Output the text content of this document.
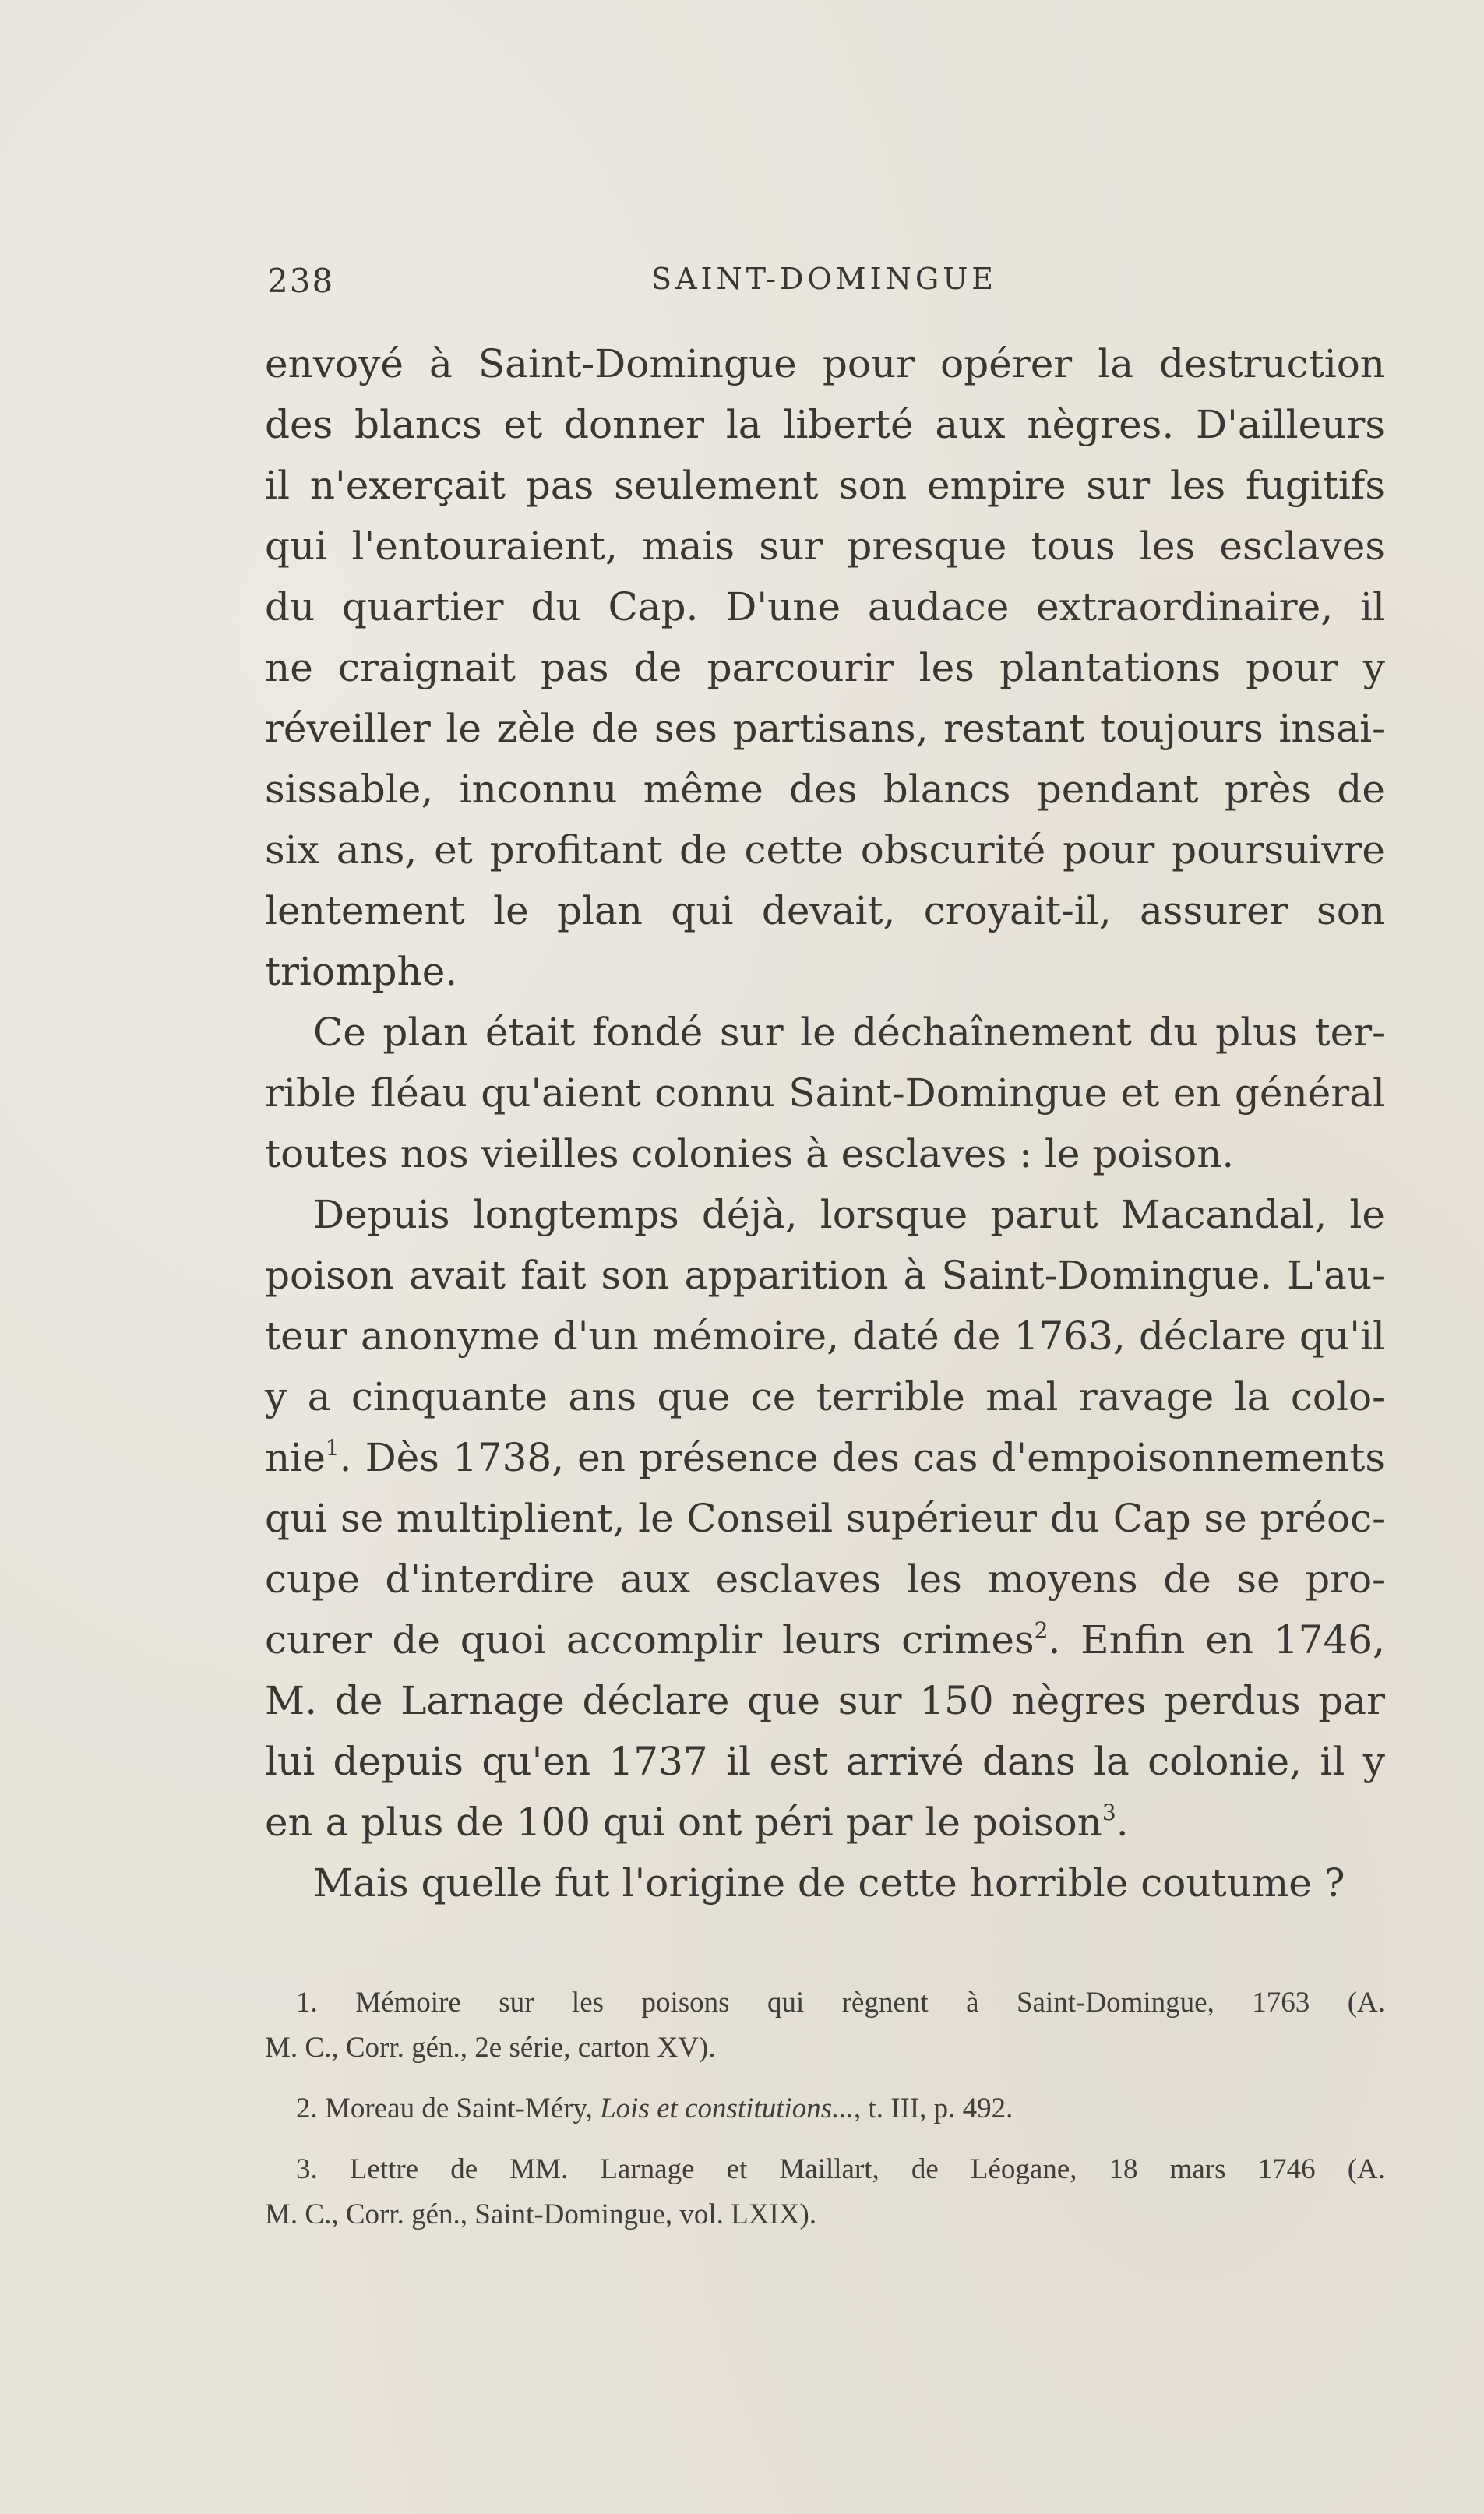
238	SAINT-DOMINGUE
envoyé à Saint-Domingue pour opérer la destruction
des blancs et donner la liberté aux nègres. D'ailleurs
il n'exerçait pas seulement son empire sur les fugitifs
qui l'entouraient, mais sur presque tous les esclaves
du quartier du Cap. D'une audace extraordinaire, il
ne craignait pas de parcourir les plantations pour y
réveiller le zèle de ses partisans, restant toujours insai-
sissable, inconnu même des blancs pendant près de
six ans, et profitant de cette obscurité pour poursuivre
lentement le plan qui devait, croyait-il, assurer son
triomphe.
Ce plan était fondé sur le déchaînement du plus ter-
rible fléau qu'aient connu Saint-Domingue et en général
toutes nos vieilles colonies à esclaves : le poison.
Depuis longtemps déjà, lorsque parut Macandal, le
poison avait fait son apparition à Saint-Domingue. L'au-
teur anonyme d'un mémoire, daté de 1763, déclare qu'il
y a cinquante ans que ce terrible mal ravage la colo-
nie$^1$. Dès 1738, en présence des cas d'empoisonnements
qui se multiplient, le Conseil supérieur du Cap se préoc-
cupe d'interdire aux esclaves les moyens de se pro-
curer de quoi accomplir leurs crimes$^2$. Enfin en 1746,
M. de Larnage déclare que sur 150 nègres perdus par
lui depuis qu'en 1737 il est arrivé dans la colonie, il y
en a plus de 100 qui ont péri par le poison$^3$.
Mais quelle fut l'origine de cette horrible coutume ?
1. Mémoire sur les poisons qui règnent à Saint-Domingue, 1763 (A.
M. C., Corr. gén., 2e série, carton XV).
2. Moreau de Saint-Méry, Lois et constitutions..., t. III, p. 492.
3. Lettre de MM. Larnage et Maillart, de Léogane, 18 mars 1746 (A.
M. C., Corr. gén., Saint-Domingue, vol. LXIX).
